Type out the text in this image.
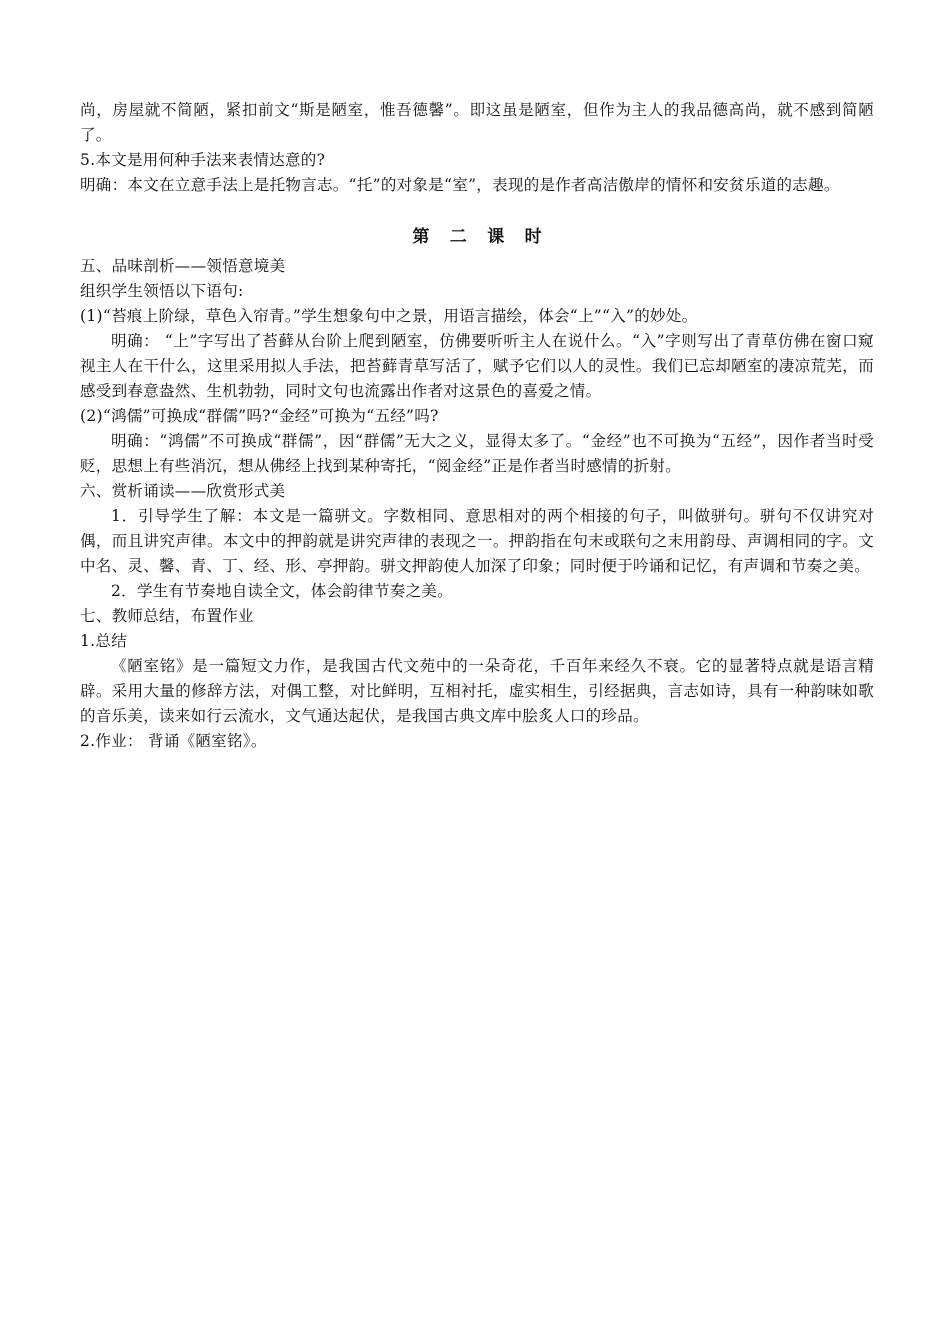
尚，房屋就不简陋，紧扣前文“斯是陋室，惟吾德馨”。即这虽是陋室，但作为主人的我品德高尚，就不感到简陋了。

5.本文是用何种手法来表情达意的?

明确：本文在立意手法上是托物言志。“托”的对象是“室”，表现的是作者高洁傲岸的情怀和安贫乐道的志趣。

第二课时

五、品味剖析——领悟意境美

组织学生领悟以下语句:

(1)“苔痕上阶绿，草色入帘青。”学生想象句中之景，用语言描绘，体会“上”“入”的妙处。

明确： “上”字写出了苔藓从台阶上爬到陋室，仿佛要听听主人在说什么。“入”字则写出了青草仿佛在窗口窥视主人在干什么，这里采用拟人手法，把苔藓青草写活了，赋予它们以人的灵性。我们已忘却陋室的凄凉荒芜，而感受到春意盎然、生机勃勃，同时文句也流露出作者对这景色的喜爱之情。

(2)“鸿儒”可换成“群儒”吗?“金经”可换为“五经”吗?

明确：“鸿儒”不可换成“群儒”，因“群儒”无大之义，显得太多了。“金经”也不可换为“五经”，因作者当时受贬，思想上有些消沉，想从佛经上找到某种寄托，“阅金经”正是作者当时感情的折射。

六、赏析诵读——欣赏形式美

1．引导学生了解：本文是一篇骈文。字数相同、意思相对的两个相接的句子，叫做骈句。骈句不仅讲究对偶，而且讲究声律。本文中的押韵就是讲究声律的表现之一。押韵指在句末或联句之末用韵母、声调相同的字。文中名、灵、馨、青、丁、经、形、亭押韵。骈文押韵使人加深了印象；同时便于吟诵和记忆，有声调和节奏之美。

2．学生有节奏地自读全文，体会韵律节奏之美。

七、教师总结，布置作业

1.总结

《陋室铭》是一篇短文力作，是我国古代文苑中的一朵奇花，千百年来经久不衰。它的显著特点就是语言精辟。采用大量的修辞方法，对偶工整，对比鲜明，互相衬托，虚实相生，引经据典，言志如诗，具有一种韵味如歌的音乐美，读来如行云流水，文气通达起伏，是我国古典文库中脍炙人口的珍品。

2.作业： 背诵《陋室铭》。
